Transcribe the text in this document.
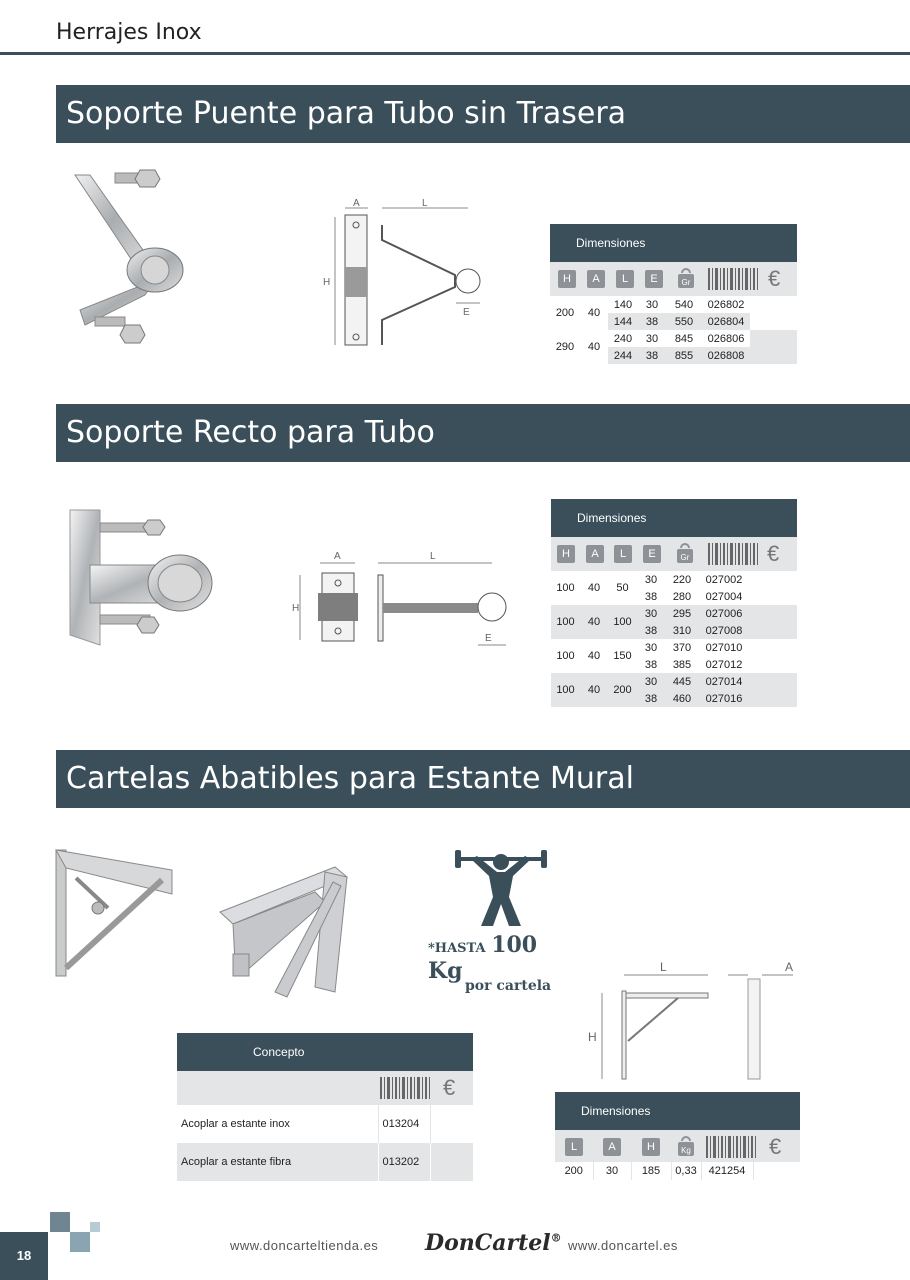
Herrajes Inox
Soporte Puente para Tubo sin Trasera
A	L
H
E
Dimensiones
H	A	L	E	Gr	€
200	40	140	30	540	026802	
		144	38	550	026804	
290	40	240	30	845	026806	
		244	38	855	026808	
Soporte Recto para Tubo
A	L
H
E
Dimensiones
H	A	L	E	Gr	€
100	40	50	30	220	027002	
			38	280	027004	
100	40	100	30	295	027006	
			38	310	027008	
100	40	150	30	370	027010	
			38	385	027012	
100	40	200	30	445	027014	
			38	460	027016	
Cartelas Abatibles para Estante Mural
*HASTA 100 Kg
por cartela
L	A
H
Concepto
€
Acoplar a estante inox	013204	
Acoplar a estante fibra	013202	
Dimensiones
L	A	H	Kg	€
200	30	185	0,33	421254	
18
www.doncarteltienda.es DonCartel® www.doncartel.es
